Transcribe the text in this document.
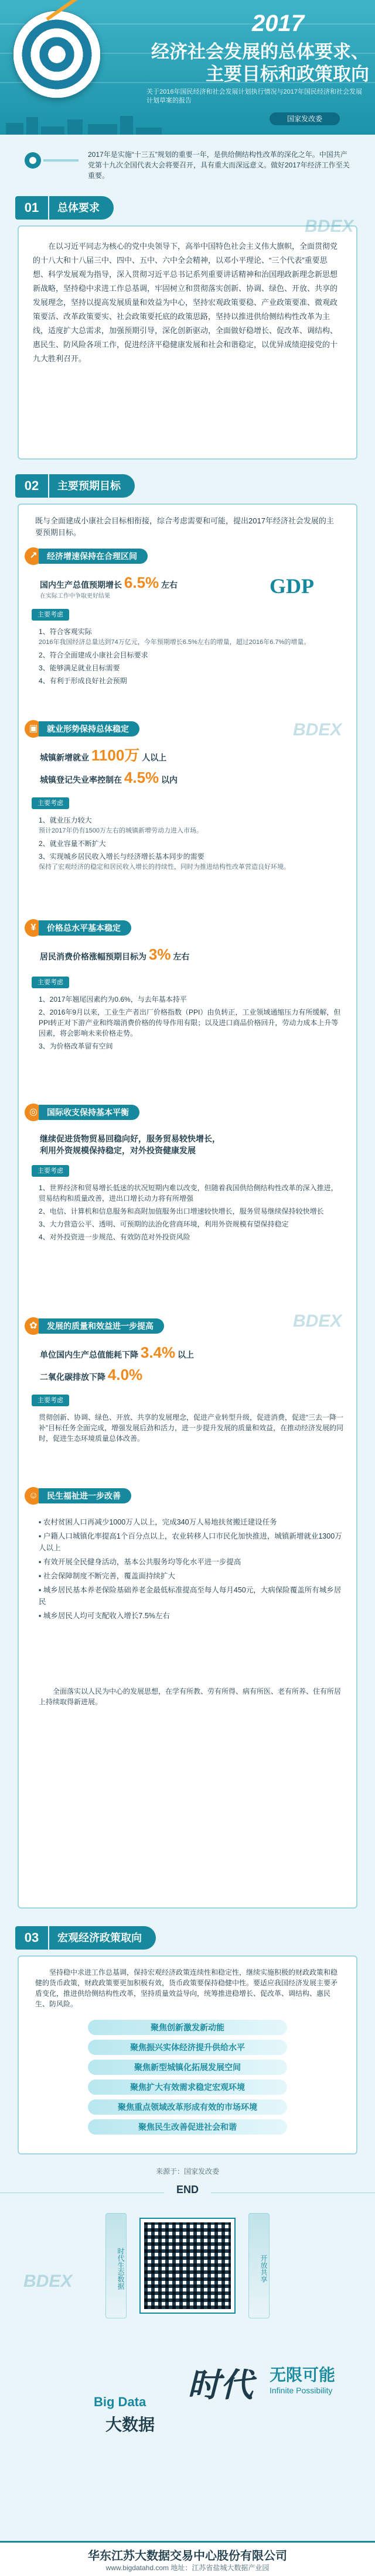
2017
经济社会发展的总体要求、
主要目标和政策取向
关于2016年国民经济和社会发展计划执行情况与2017年国民经济和社会发展计划草案的报告
国家发改委
2017年是实施“十三五”规划的重要一年，是供给侧结构性改革的深化之年。中国共产党第十九次全国代表大会将要召开，具有重大而深远意义。做好2017年经济工作至关重要。
01	总体要求

在以习近平同志为核心的党中央领导下，高举中国特色社会主义伟大旗帜，全面贯彻党的十八大和十八届三中、四中、五中、六中全会精神，以邓小平理论、“三个代表”重要思想、科学发展观为指导，深入贯彻习近平总书记系列重要讲话精神和治国理政新理念新思想新战略，坚持稳中求进工作总基调，牢固树立和贯彻落实创新、协调、绿色、开放、共享的发展理念，坚持以提高发展质量和效益为中心，坚持宏观政策要稳、产业政策要准、微观政策要活、改革政策要实、社会政策要托底的政策思路，坚持以推进供给侧结构性改革为主线，适度扩大总需求，加强预期引导，深化创新驱动，全面做好稳增长、促改革、调结构、惠民生、防风险各项工作，促进经济平稳健康发展和社会和谐稳定，以优异成绩迎接党的十九大胜利召开。

BDEX
02	主要预期目标
既与全面建成小康社会目标相衔接，综合考虑需要和可能，提出2017年经济社会发展的主要预期目标。
↗	经济增速保持在合理区间
国内生产总值预期增长 6.5% 左右
在实际工作中争取更好结果	GDP
主要考虑
1、符合客观实际
2016年我国经济总量达到74万亿元，今年预期增长6.5%左右的增量，超过2016年6.7%的增量。
2、符合全面建成小康社会目标要求
3、能够满足就业目标需要
4、有利于形成良好社会预期
▣	就业形势保持总体稳定
城镇新增就业 1100万 人以上
城镇登记失业率控制在 4.5% 以内
主要考虑
1、就业压力较大
预计2017年仍有1500万左右的城镇新增劳动力进入市场。
2、就业容量不断扩大
3、实现城乡居民收入增长与经济增长基本同步的需要
保持了宏观经济的稳定和居民收入增长的持续性，同时为推进结构性改革营造良好环境。
BDEX
¥	价格总水平基本稳定
居民消费价格涨幅预期目标为 3% 左右
主要考虑
1、2017年翘尾因素约为0.6%，与去年基本持平
2、2016年9月以来，工业生产者出厂价格指数（PPI）由负转正，工业领域通缩压力有所缓解，但PPI转正对下游产业和终端消费价格的传导作用有限；以及进口商品价格回升，劳动力成本上升等因素，将会影响未来价格走势。
3、为价格改革留有空间
◎	国际收支保持基本平衡
继续促进货物贸易回稳向好，服务贸易较快增长，
利用外资规模保持稳定，对外投资健康发展
主要考虑
1、世界经济和贸易增长低迷的状况短期内难以改变，但随着我国供给侧结构性改革的深入推进，贸易结构和质量改善，进出口增长动力将有所增强
2、电信、计算机和信息服务和高附加值服务出口增速较快增长，服务贸易继续保持较快增长
3、大力营造公平、透明、可预期的法治化营商环境，利用外资规模有望保持稳定
4、对外投资进一步规范、有效防范对外投资风险
✿	发展的质量和效益进一步提高
单位国内生产总值能耗下降 3.4% 以上
二氧化碳排放下降 4.0%
主要考虑
贯彻创新、协调、绿色、开放、共享的发展理念，促进产业转型升级，促进消费，促进“三去一降一补”目标任务全面完成，增强发展后劲和活力，进一步提升发展的质量和效益，在推动经济发展的同时，促进生态环境质量总体改善。
BDEX
☺	民生福祉进一步改善
▪ 农村贫困人口再减少1000万人以上，完成340万人易地扶贫搬迁建设任务
▪ 户籍人口城镇化率提高1个百分点以上，农业转移人口市民化加快推进，城镇新增就业1300万人以上
▪ 有效开展全民健身活动，基本公共服务均等化水平进一步提高
▪ 社会保障制度不断完善，覆盖面持续扩大
▪ 城乡居民基本养老保险基础养老金最低标准提高至每人每月450元，大病保险覆盖所有城乡居民
▪ 城乡居民人均可支配收入增长7.5%左右
全面落实以人民为中心的发展思想，在学有所教、劳有所得、病有所医、老有所养、住有所居上持续取得新进展。
03	宏观经济政策取向
坚持稳中求进工作总基调，保持宏观经济政策连续性和稳定性，继续实施积极的财政政策和稳健的货币政策，财政政策要更加积极有效，货币政策要保持稳健中性。要适应我国经济发展主要矛盾变化，推进供给侧结构性改革，坚持质量效益导向，统筹推进稳增长、促改革、调结构、惠民生、防风险。
聚焦创新激发新动能
聚焦振兴实体经济提升供给水平
聚焦新型城镇化拓展发展空间
聚焦扩大有效需求稳定宏观环境
聚焦重点领域改革形成有效的市场环境
聚焦民生改善促进社会和谐
来源于：国家发改委
END
时代生态数据	开放共享
BDEX
时代 无限可能
Infinite Possibility
Big Data
大数据
华东江苏大数据交易中心股份有限公司
www.bigdatahd.com 地址：江苏省盐城大数据产业园
